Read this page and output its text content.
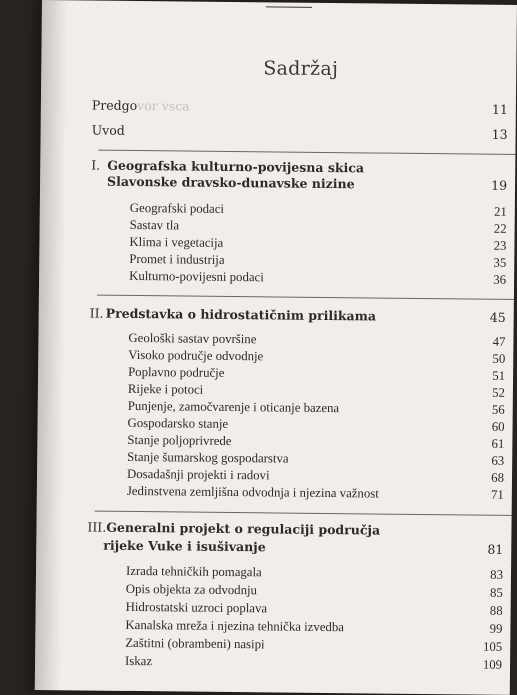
Sadržaj
Predgovor vsca	11
Uvod	13
I. Geografska kulturno-povijesna skica
Slavonske dravsko-dunavske nizine	19
Geografski podaci	21
Sastav tla	22
Klima i vegetacija	23
Promet i industrija	35
Kulturno-povijesni podaci	36
II. Predstavka o hidrostatičnim prilikama	45
Geološki sastav površine	47
Visoko područje odvodnje	50
Poplavno područje	51
Rijeke i potoci	52
Punjenje, zamočvarenje i oticanje bazena	56
Gospodarsko stanje	60
Stanje poljoprivrede	61
Stanje šumarskog gospodarstva	63
Dosadašnji projekti i radovi	68
Jedinstvena zemljišna odvodnja i njezina važnost	71
III.Generalni projekt o regulaciji područja
rijeke Vuke i isušivanje	81
Izrada tehničkih pomagala	83
Opis objekta za odvodnju	85
Hidrostatski uzroci poplava	88
Kanalska mreža i njezina tehnička izvedba	99
Zaštitni (obrambeni) nasipi	105
Iskaz	109
